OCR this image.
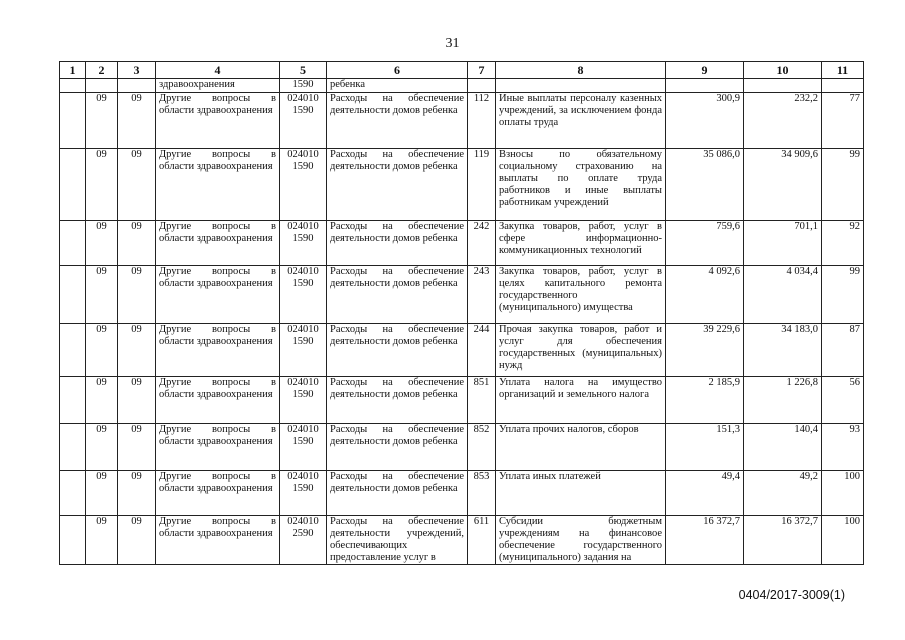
31
1	2	3	4	5	6	7	8	9	10	11
			здравоохранения	1590	ребенка					
	09	09	Другие вопросы в области здравоохранения	024010 1590	Расходы на обеспечение деятельности домов ребенка	112	Иные выплаты персоналу казенных учреждений, за исключением фонда оплаты труда	300,9	232,2	77
	09	09	Другие вопросы в области здравоохранения	024010 1590	Расходы на обеспечение деятельности домов ребенка	119	Взносы по обязательному социальному страхованию на выплаты по оплате труда работников и иные выплаты работникам учреждений	35 086,0	34 909,6	99
	09	09	Другие вопросы в области здравоохранения	024010 1590	Расходы на обеспечение деятельности домов ребенка	242	Закупка товаров, работ, услуг в сфере информационно-коммуникационных технологий	759,6	701,1	92
	09	09	Другие вопросы в области здравоохранения	024010 1590	Расходы на обеспечение деятельности домов ребенка	243	Закупка товаров, работ, услуг в целях капитального ремонта государственного (муниципального) имущества	4 092,6	4 034,4	99
	09	09	Другие вопросы в области здравоохранения	024010 1590	Расходы на обеспечение деятельности домов ребенка	244	Прочая закупка товаров, работ и услуг для обеспечения государственных (муниципальных) нужд	39 229,6	34 183,0	87
	09	09	Другие вопросы в области здравоохранения	024010 1590	Расходы на обеспечение деятельности домов ребенка	851	Уплата налога на имущество организаций и земельного налога	2 185,9	1 226,8	56
	09	09	Другие вопросы в области здравоохранения	024010 1590	Расходы на обеспечение деятельности домов ребенка	852	Уплата прочих налогов, сборов	151,3	140,4	93
	09	09	Другие вопросы в области здравоохранения	024010 1590	Расходы на обеспечение деятельности домов ребенка	853	Уплата иных платежей	49,4	49,2	100
	09	09	Другие вопросы в области здравоохранения	024010 2590	Расходы на обеспечение деятельности учреждений, обеспечивающих предоставление услуг в	611	Субсидии бюджетным учреждениям на финансовое обеспечение государственного (муниципального) задания на	16 372,7	16 372,7	100
0404/2017-3009(1)
